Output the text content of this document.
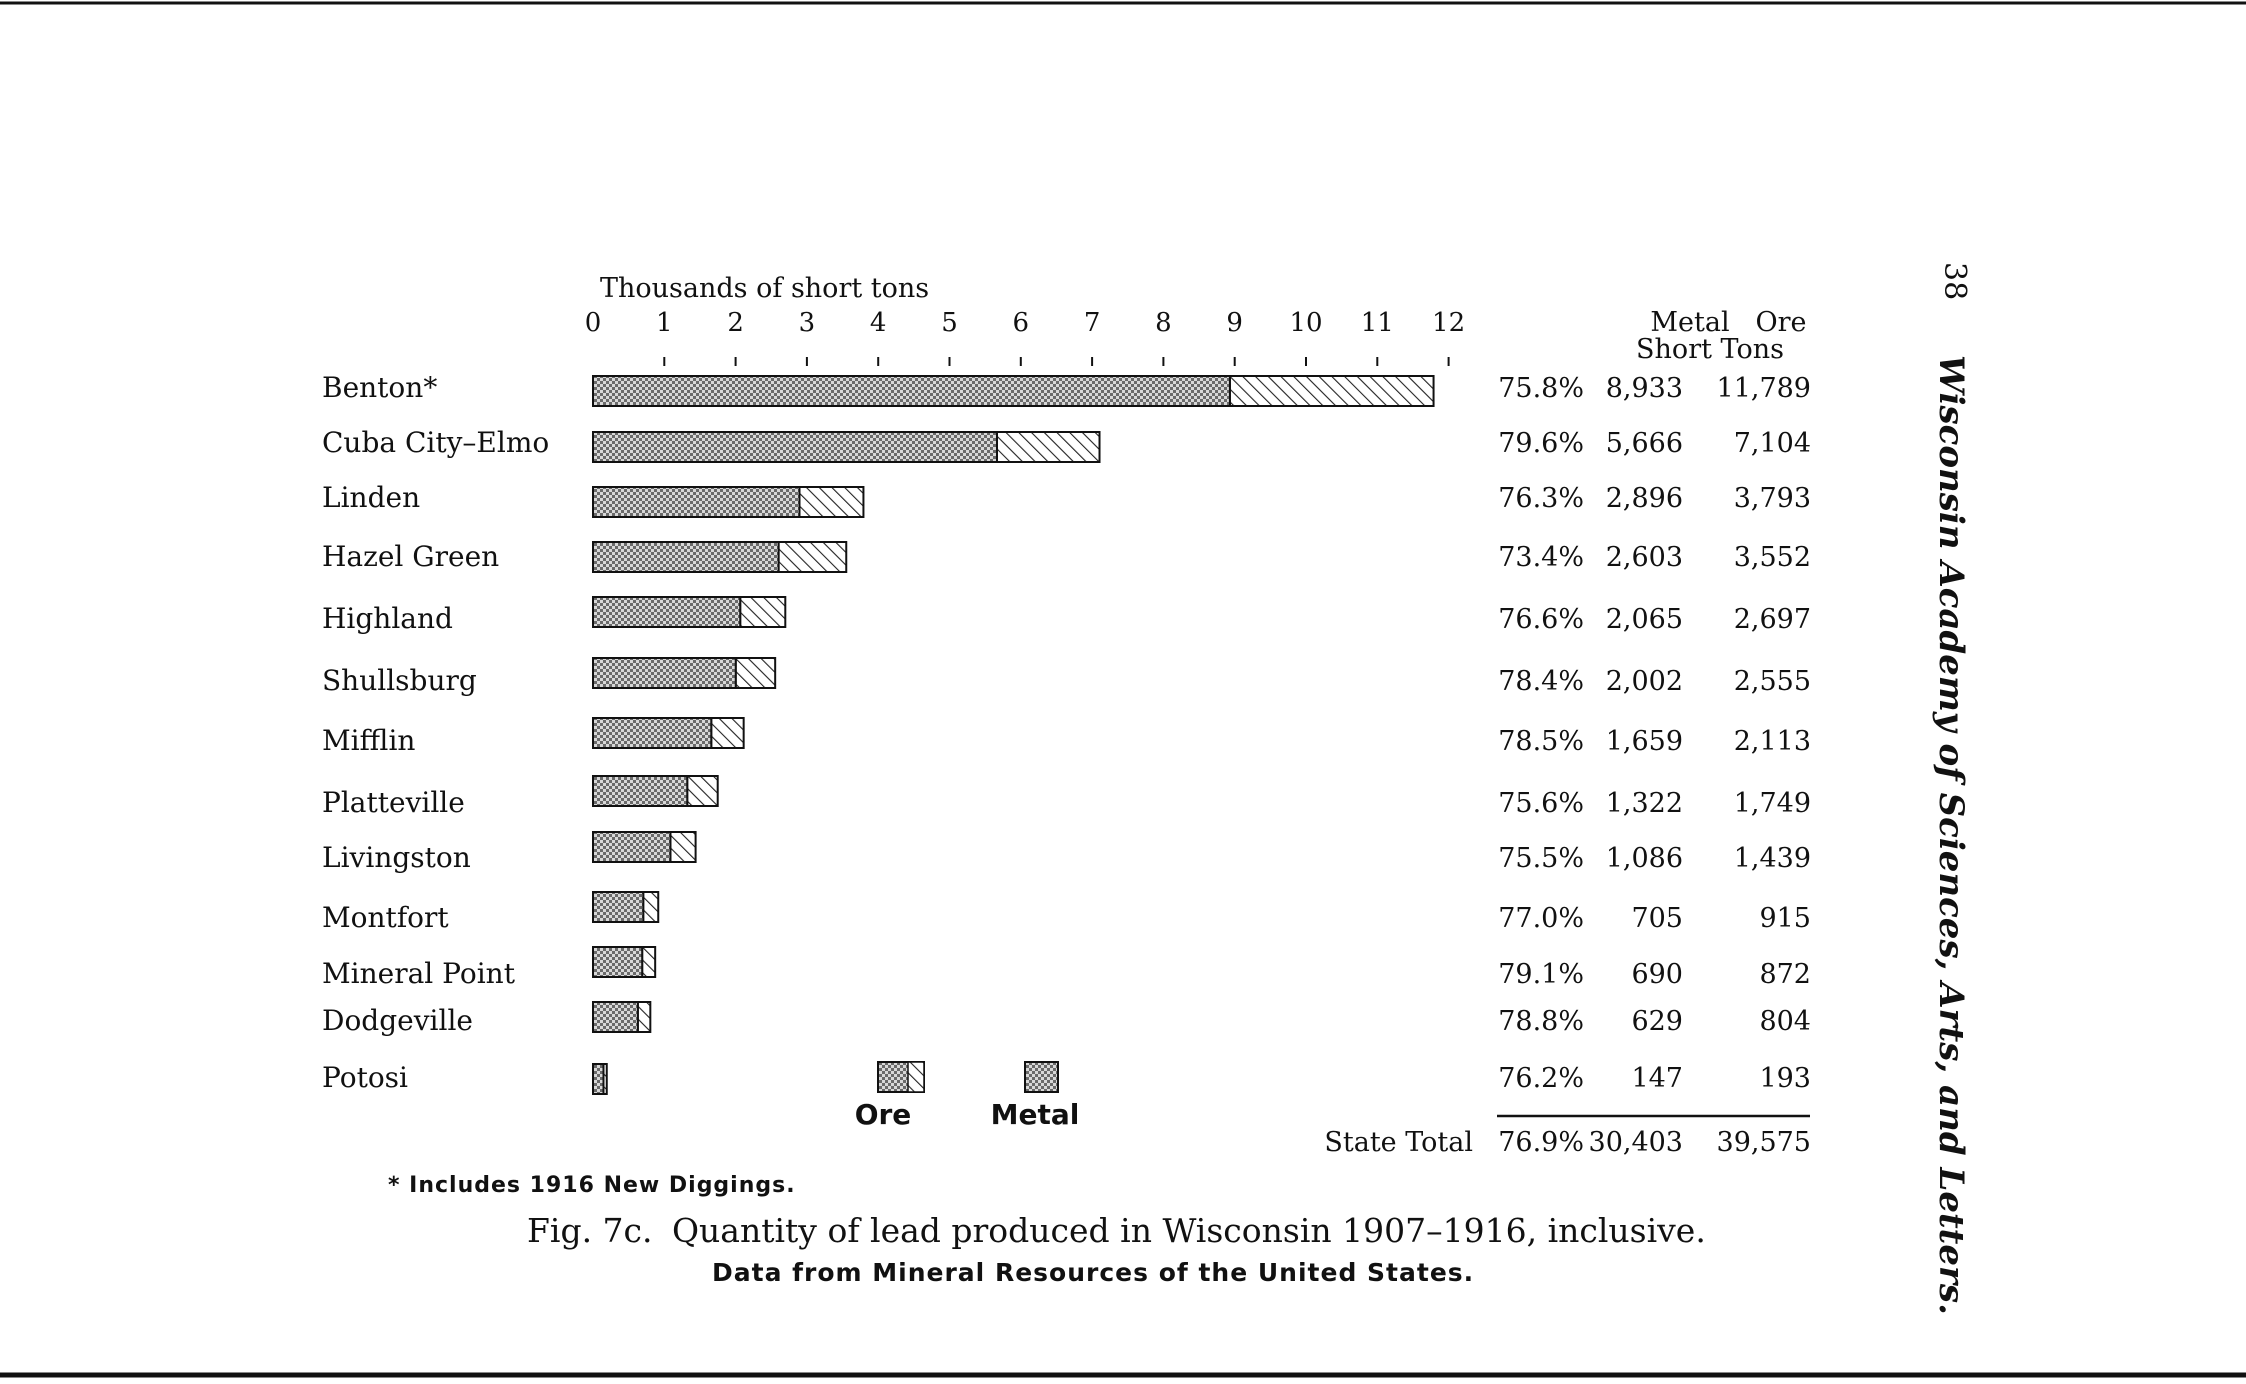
38
Wisconsin Academy of Sciences, Arts, and Letters.
Thousands of short tons
Metal Ore
Short Tons
0 1 2 3 4 5 6 7 8 9 10 11 12
Benton*	75.8% 8,933 11,789
Cuba City–Elmo	79.6% 5,666 7,104
Linden	76.3% 2,896 3,793
Hazel Green	73.4% 2,603 3,552
Highland	76.6% 2,065 2,697
Shullsburg	78.4% 2,002 2,555
Mifflin	78.5% 1,659 2,113
Platteville	75.6% 1,322 1,749
Livingston	75.5% 1,086 1,439
Montfort	77.0% 705	915
Mineral Point	79.1% 690	872
Dodgeville	78.8% 629	804
Potosi	76.2% 147	193
State Total 76.9% 30,403 39,575
Ore	Metal
* Includes 1916 New Diggings.
Fig. 7c. Quantity of lead produced in Wisconsin 1907–1916, inclusive.
Data from Mineral Resources of the United States.
